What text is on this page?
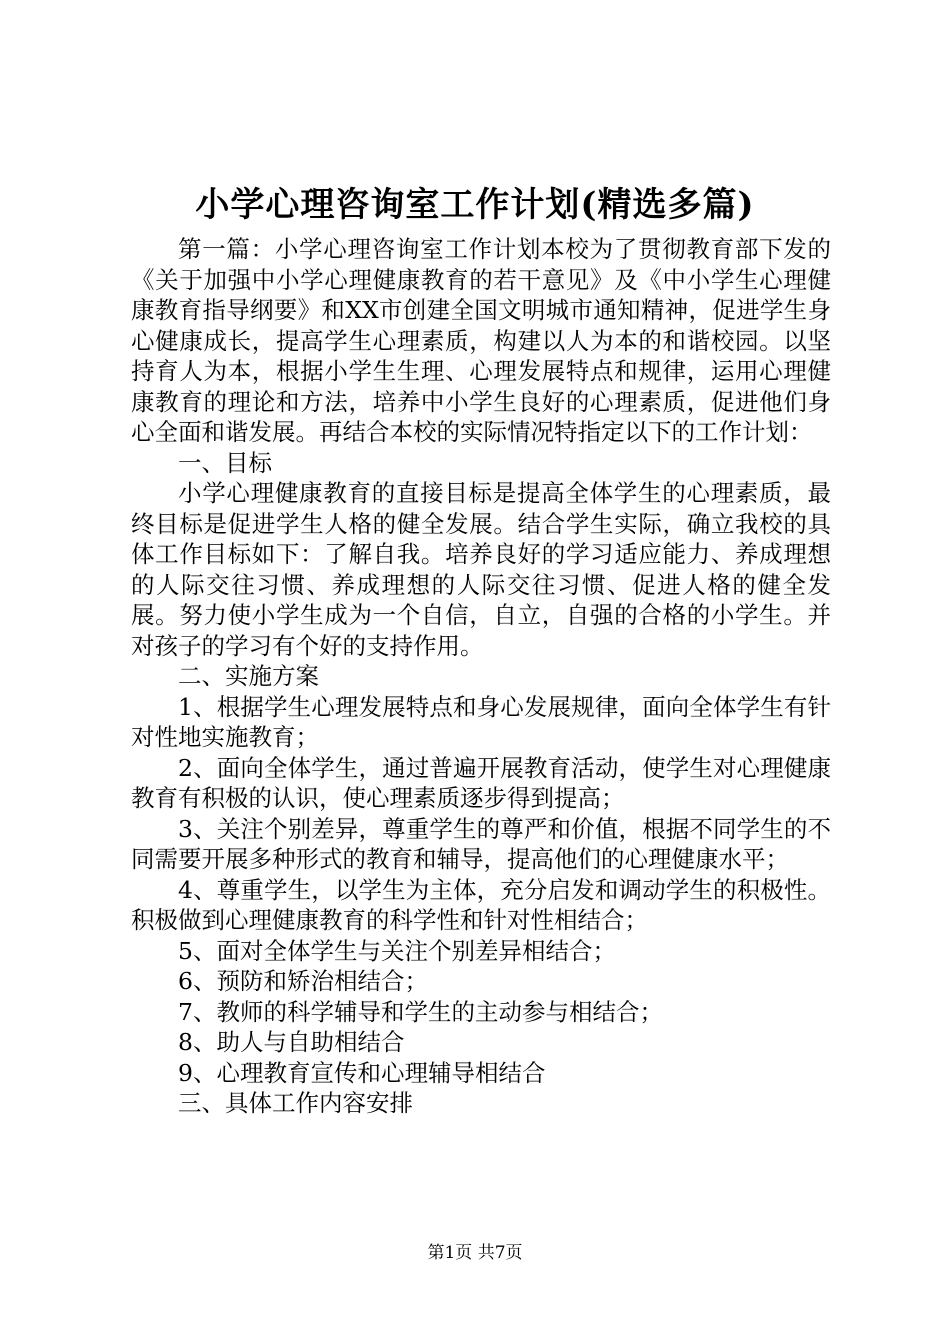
小学心理咨询室工作计划(精选多篇)

第一篇：小学心理咨询室工作计划本校为了贯彻教育部下发的《关于加强中小学心理健康教育的若干意见》及《中小学生心理健康教育指导纲要》和XX市创建全国文明城市通知精神，促进学生身心健康成长，提高学生心理素质，构建以人为本的和谐校园。以坚持育人为本，根据小学生生理、心理发展特点和规律，运用心理健康教育的理论和方法，培养中小学生良好的心理素质，促进他们身心全面和谐发展。再结合本校的实际情况特指定以下的工作计划：

一、目标

小学心理健康教育的直接目标是提高全体学生的心理素质，最终目标是促进学生人格的健全发展。结合学生实际，确立我校的具体工作目标如下：了解自我。培养良好的学习适应能力、养成理想的人际交往习惯、养成理想的人际交往习惯、促进人格的健全发展。努力使小学生成为一个自信，自立，自强的合格的小学生。并对孩子的学习有个好的支持作用。

二、实施方案

1、根据学生心理发展特点和身心发展规律，面向全体学生有针对性地实施教育；

2、面向全体学生，通过普遍开展教育活动，使学生对心理健康教育有积极的认识，使心理素质逐步得到提高；

3、关注个别差异，尊重学生的尊严和价值，根据不同学生的不同需要开展多种形式的教育和辅导，提高他们的心理健康水平；

4、尊重学生，以学生为主体，充分启发和调动学生的积极性。积极做到心理健康教育的科学性和针对性相结合；

5、面对全体学生与关注个别差异相结合；

6、预防和矫治相结合；

7、教师的科学辅导和学生的主动参与相结合；

8、助人与自助相结合

9、心理教育宣传和心理辅导相结合

三、具体工作内容安排

第1页 共7页
